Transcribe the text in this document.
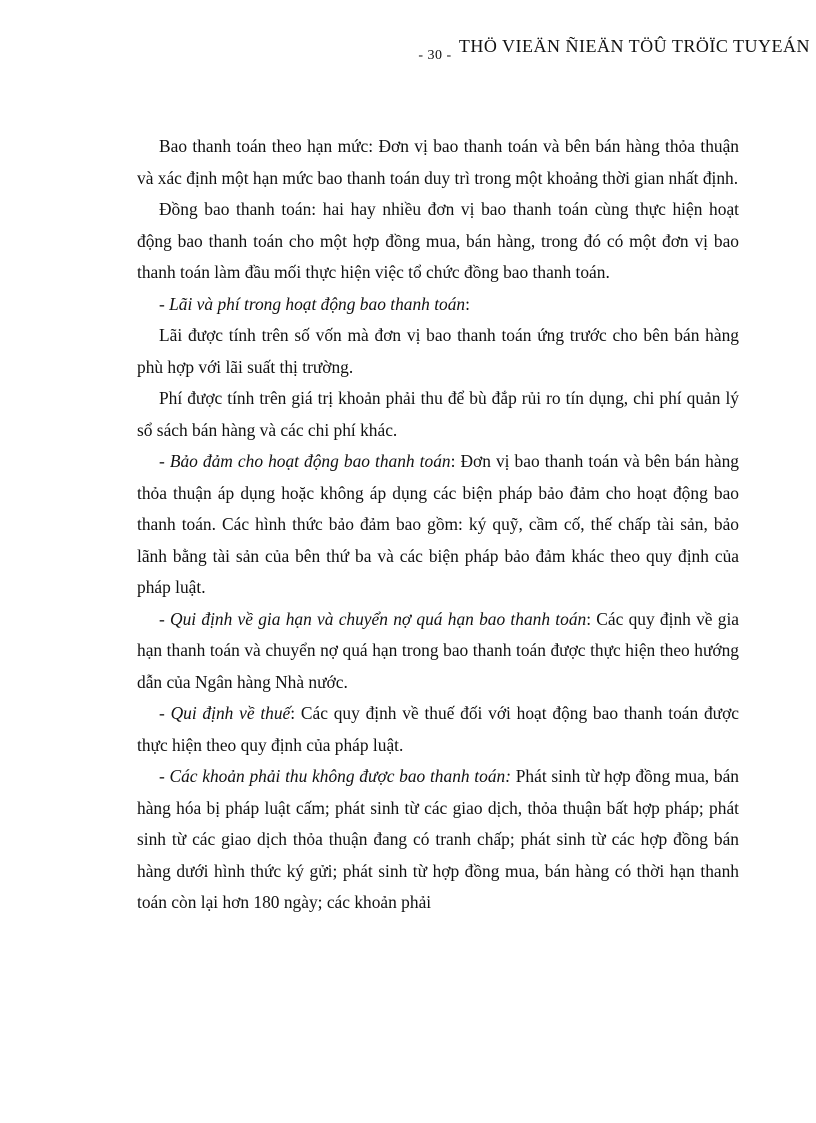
- 30 - THÖ VIEÄN ÑIEÄN TÖÛ TRÖÏC TUYEÁN

Bao thanh toán theo hạn mức: Đơn vị bao thanh toán và bên bán hàng thỏa thuận và xác định một hạn mức bao thanh toán duy trì trong một khoảng thời gian nhất định.

Đồng bao thanh toán: hai hay nhiều đơn vị bao thanh toán cùng thực hiện hoạt động bao thanh toán cho một hợp đồng mua, bán hàng, trong đó có một đơn vị bao thanh toán làm đầu mối thực hiện việc tổ chức đồng bao thanh toán.

- Lãi và phí trong hoạt động bao thanh toán:

Lãi được tính trên số vốn mà đơn vị bao thanh toán ứng trước cho bên bán hàng phù hợp với lãi suất thị trường.

Phí được tính trên giá trị khoản phải thu để bù đắp rủi ro tín dụng, chi phí quản lý sổ sách bán hàng và các chi phí khác.

- Bảo đảm cho hoạt động bao thanh toán: Đơn vị bao thanh toán và bên bán hàng thỏa thuận áp dụng hoặc không áp dụng các biện pháp bảo đảm cho hoạt động bao thanh toán. Các hình thức bảo đảm bao gồm: ký quỹ, cầm cố, thế chấp tài sản, bảo lãnh bằng tài sản của bên thứ ba và các biện pháp bảo đảm khác theo quy định của pháp luật.

- Qui định về gia hạn và chuyển nợ quá hạn bao thanh toán: Các quy định về gia hạn thanh toán và chuyển nợ quá hạn trong bao thanh toán được thực hiện theo hướng dẫn của Ngân hàng Nhà nước.

- Qui định về thuế: Các quy định về thuế đối với hoạt động bao thanh toán được thực hiện theo quy định của pháp luật.

- Các khoản phải thu không được bao thanh toán: Phát sinh từ hợp đồng mua, bán hàng hóa bị pháp luật cấm; phát sinh từ các giao dịch, thỏa thuận bất hợp pháp; phát sinh từ các giao dịch thỏa thuận đang có tranh chấp; phát sinh từ các hợp đồng bán hàng dưới hình thức ký gửi; phát sinh từ hợp đồng mua, bán hàng có thời hạn thanh toán còn lại hơn 180 ngày; các khoản phải
